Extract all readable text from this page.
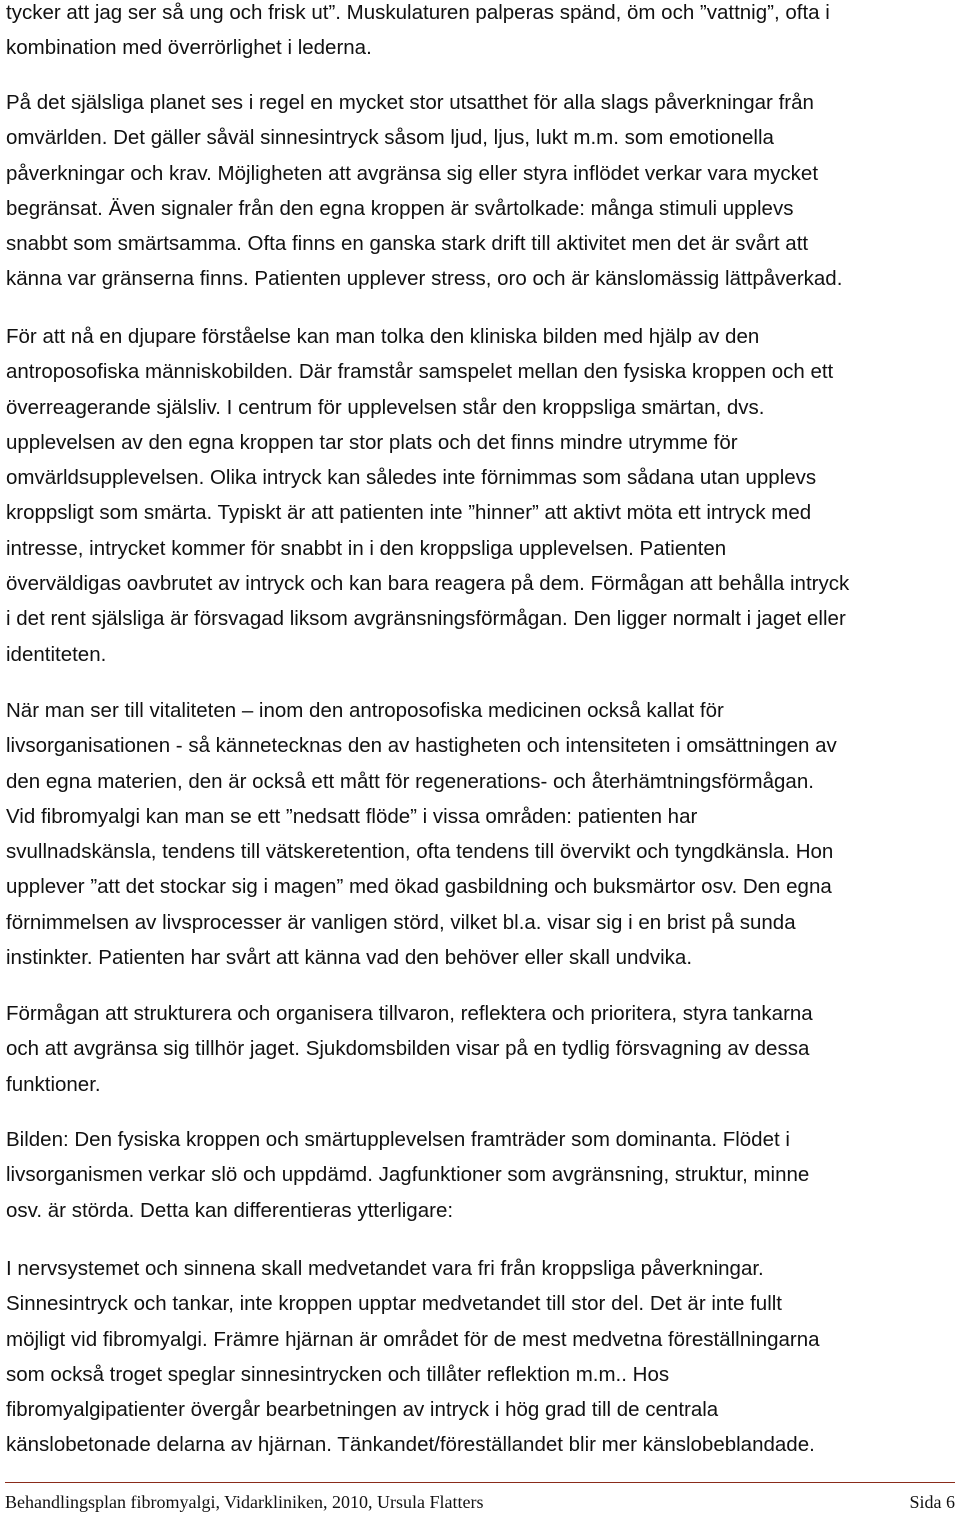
tycker att jag ser så ung och frisk ut”. Muskulaturen palperas spänd, öm och ”vattnig”, ofta i
kombination med överrörlighet i lederna.

På det själsliga planet ses i regel en mycket stor utsatthet för alla slags påverkningar från
omvärlden. Det gäller såväl sinnesintryck såsom ljud, ljus, lukt m.m. som emotionella
påverkningar och krav. Möjligheten att avgränsa sig eller styra inflödet verkar vara mycket
begränsat. Även signaler från den egna kroppen är svårtolkade: många stimuli upplevs
snabbt som smärtsamma. Ofta finns en ganska stark drift till aktivitet men det är svårt att
känna var gränserna finns. Patienten upplever stress, oro och är känslomässig lättpåverkad.

För att nå en djupare förståelse kan man tolka den kliniska bilden med hjälp av den
antroposofiska människobilden. Där framstår samspelet mellan den fysiska kroppen och ett
överreagerande själsliv. I centrum för upplevelsen står den kroppsliga smärtan, dvs.
upplevelsen av den egna kroppen tar stor plats och det finns mindre utrymme för
omvärldsupplevelsen. Olika intryck kan således inte förnimmas som sådana utan upplevs
kroppsligt som smärta. Typiskt är att patienten inte ”hinner” att aktivt möta ett intryck med
intresse, intrycket kommer för snabbt in i den kroppsliga upplevelsen. Patienten
överväldigas oavbrutet av intryck och kan bara reagera på dem. Förmågan att behålla intryck
i det rent själsliga är försvagad liksom avgränsningsförmågan. Den ligger normalt i jaget eller
identiteten.

När man ser till vitaliteten – inom den antroposofiska medicinen också kallat för
livsorganisationen - så kännetecknas den av hastigheten och intensiteten i omsättningen av
den egna materien, den är också ett mått för regenerations- och återhämtningsförmågan.
Vid fibromyalgi kan man se ett ”nedsatt flöde” i vissa områden: patienten har
svullnadskänsla, tendens till vätskeretention, ofta tendens till övervikt och tyngdkänsla. Hon
upplever ”att det stockar sig i magen” med ökad gasbildning och buksmärtor osv. Den egna
förnimmelsen av livsprocesser är vanligen störd, vilket bl.a. visar sig i en brist på sunda
instinkter. Patienten har svårt att känna vad den behöver eller skall undvika.

Förmågan att strukturera och organisera tillvaron, reflektera och prioritera, styra tankarna
och att avgränsa sig tillhör jaget. Sjukdomsbilden visar på en tydlig försvagning av dessa
funktioner.

Bilden: Den fysiska kroppen och smärtupplevelsen framträder som dominanta. Flödet i
livsorganismen verkar slö och uppdämd. Jagfunktioner som avgränsning, struktur, minne
osv. är störda. Detta kan differentieras ytterligare:

I nervsystemet och sinnena skall medvetandet vara fri från kroppsliga påverkningar.
Sinnesintryck och tankar, inte kroppen upptar medvetandet till stor del. Det är inte fullt
möjligt vid fibromyalgi. Främre hjärnan är området för de mest medvetna föreställningarna
som också troget speglar sinnesintrycken och tillåter reflektion m.m.. Hos
fibromyalgipatienter övergår bearbetningen av intryck i hög grad till de centrala
känslobetonade delarna av hjärnan. Tänkandet/föreställandet blir mer känslobeblandade.

Behandlingsplan fibromyalgi, Vidarkliniken, 2010, Ursula Flatters	Sida 6
